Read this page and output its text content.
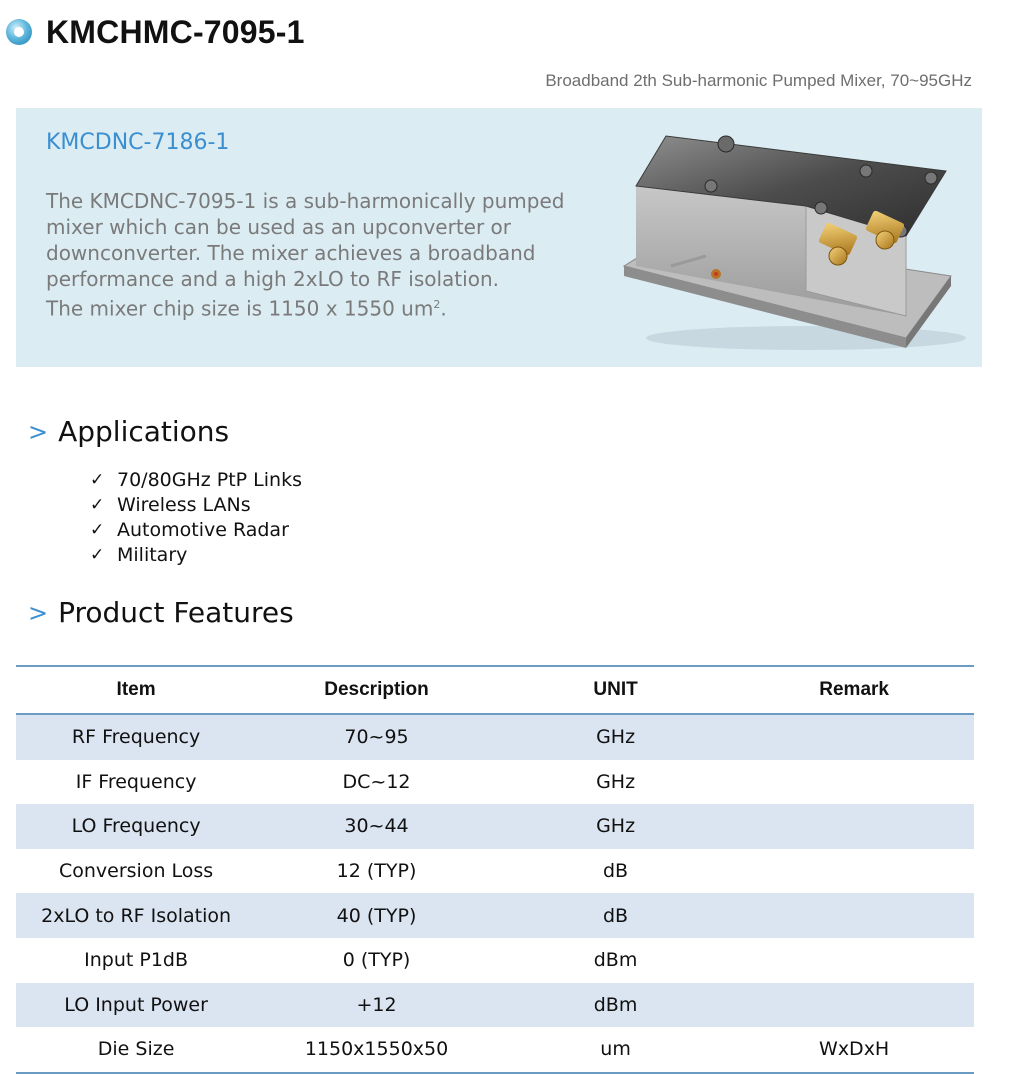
KMCHMC-7095-1
Broadband 2th Sub-harmonic Pumped Mixer, 70~95GHz
KMCDNC-7186-1
The KMCDNC-7095-1 is a sub-harmonically pumped
mixer which can be used as an upconverter or
downconverter. The mixer achieves a broadband
performance and a high 2xLO to RF isolation.
The mixer chip size is 1150 x 1550 $um^2$.
> Applications
✓ 70/80GHz PtP Links
✓ Wireless LANs
✓ Automotive Radar
✓ Military
> Product Features
Item	Description	UNIT	Remark
RF Frequency	70~95	GHz	
IF Frequency	DC~12	GHz	
LO Frequency	30~44	GHz	
Conversion Loss	12 (TYP)	dB	
2xLO to RF Isolation	40 (TYP)	dB	
Input P1dB	0 (TYP)	dBm	
LO Input Power	+12	dBm	
Die Size	1150x1550x50	um	WxDxH
